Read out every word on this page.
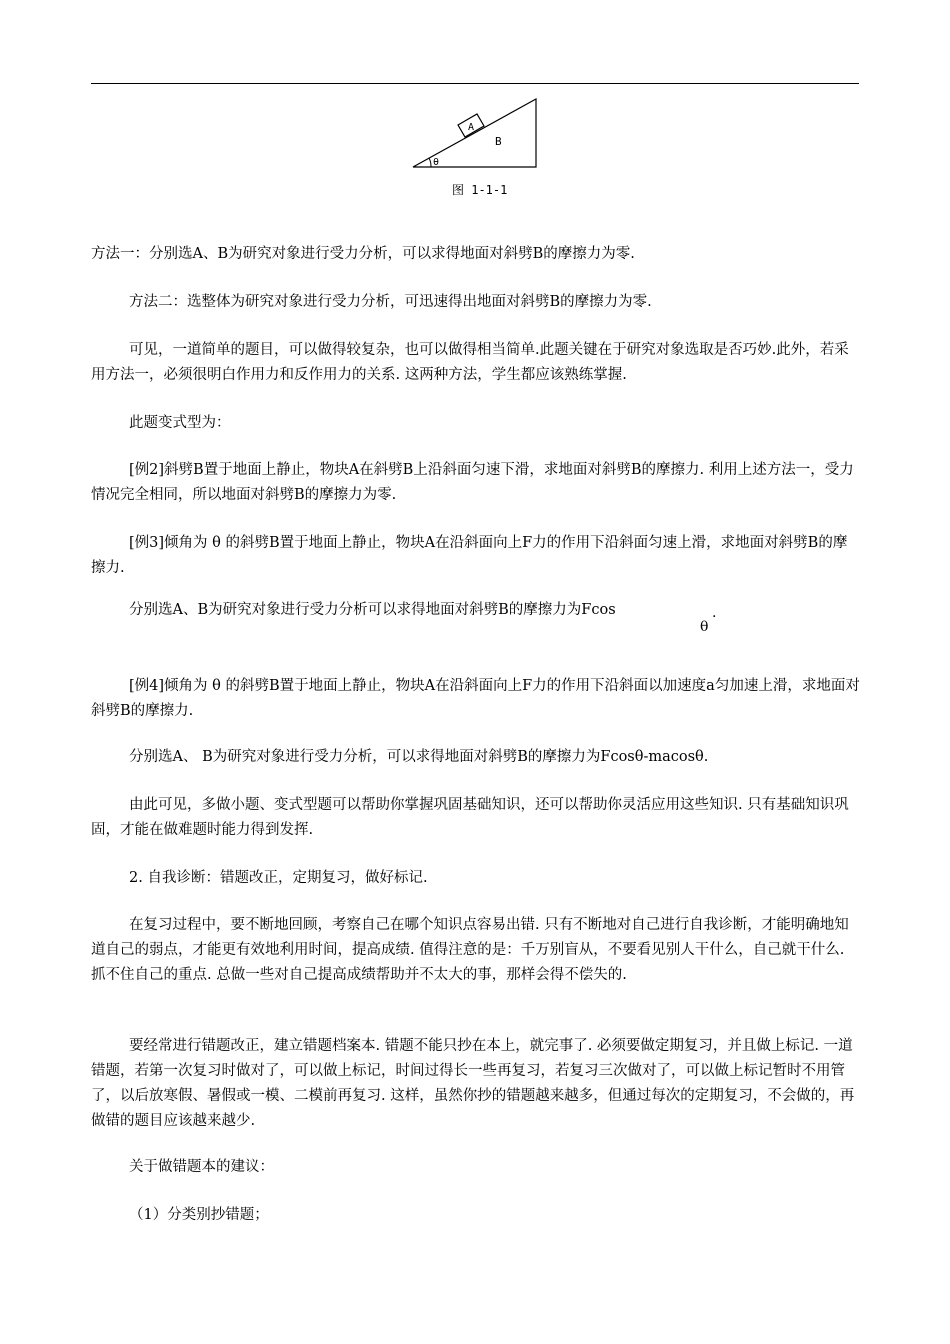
A
B
θ
图 1-1-1
方法一：分别选A、B为研究对象进行受力分析，可以求得地面对斜劈B的摩擦力为零.
方法二：选整体为研究对象进行受力分析，可迅速得出地面对斜劈B的摩擦力为零.
可见，一道简单的题目，可以做得较复杂，也可以做得相当简单.此题关键在于研究对象选取是否巧妙.此外，若采用方法一，必须很明白作用力和反作用力的关系. 这两种方法，学生都应该熟练掌握.
此题变式型为：
[例2]斜劈B置于地面上静止，物块A在斜劈B上沿斜面匀速下滑，求地面对斜劈B的摩擦力. 利用上述方法一，受力情况完全相同，所以地面对斜劈B的摩擦力为零.
[例3]倾角为 θ 的斜劈B置于地面上静止，物块A在沿斜面向上F力的作用下沿斜面匀速上滑，求地面对斜劈B的摩擦力.
分别选A、B为研究对象进行受力分析可以求得地面对斜劈B的摩擦力为Fcos
θ
.
[例4]倾角为 θ 的斜劈B置于地面上静止，物块A在沿斜面向上F力的作用下沿斜面以加速度a匀加速上滑，求地面对斜劈B的摩擦力.
分别选A、 B为研究对象进行受力分析，可以求得地面对斜劈B的摩擦力为Fcosθ-macosθ.
由此可见，多做小题、变式型题可以帮助你掌握巩固基础知识，还可以帮助你灵活应用这些知识. 只有基础知识巩固，才能在做难题时能力得到发挥.
2. 自我诊断：错题改正，定期复习，做好标记.
在复习过程中，要不断地回顾，考察自己在哪个知识点容易出错. 只有不断地对自己进行自我诊断，才能明确地知道自己的弱点，才能更有效地利用时间，提高成绩. 值得注意的是：千万别盲从，不要看见别人干什么，自己就干什么. 抓不住自己的重点. 总做一些对自己提高成绩帮助并不太大的事，那样会得不偿失的.
要经常进行错题改正，建立错题档案本. 错题不能只抄在本上，就完事了. 必须要做定期复习，并且做上标记. 一道错题，若第一次复习时做对了，可以做上标记，时间过得长一些再复习，若复习三次做对了，可以做上标记暂时不用管了，以后放寒假、暑假或一模、二模前再复习. 这样，虽然你抄的错题越来越多，但通过每次的定期复习，不会做的，再做错的题目应该越来越少.
关于做错题本的建议：
（1）分类别抄错题；
